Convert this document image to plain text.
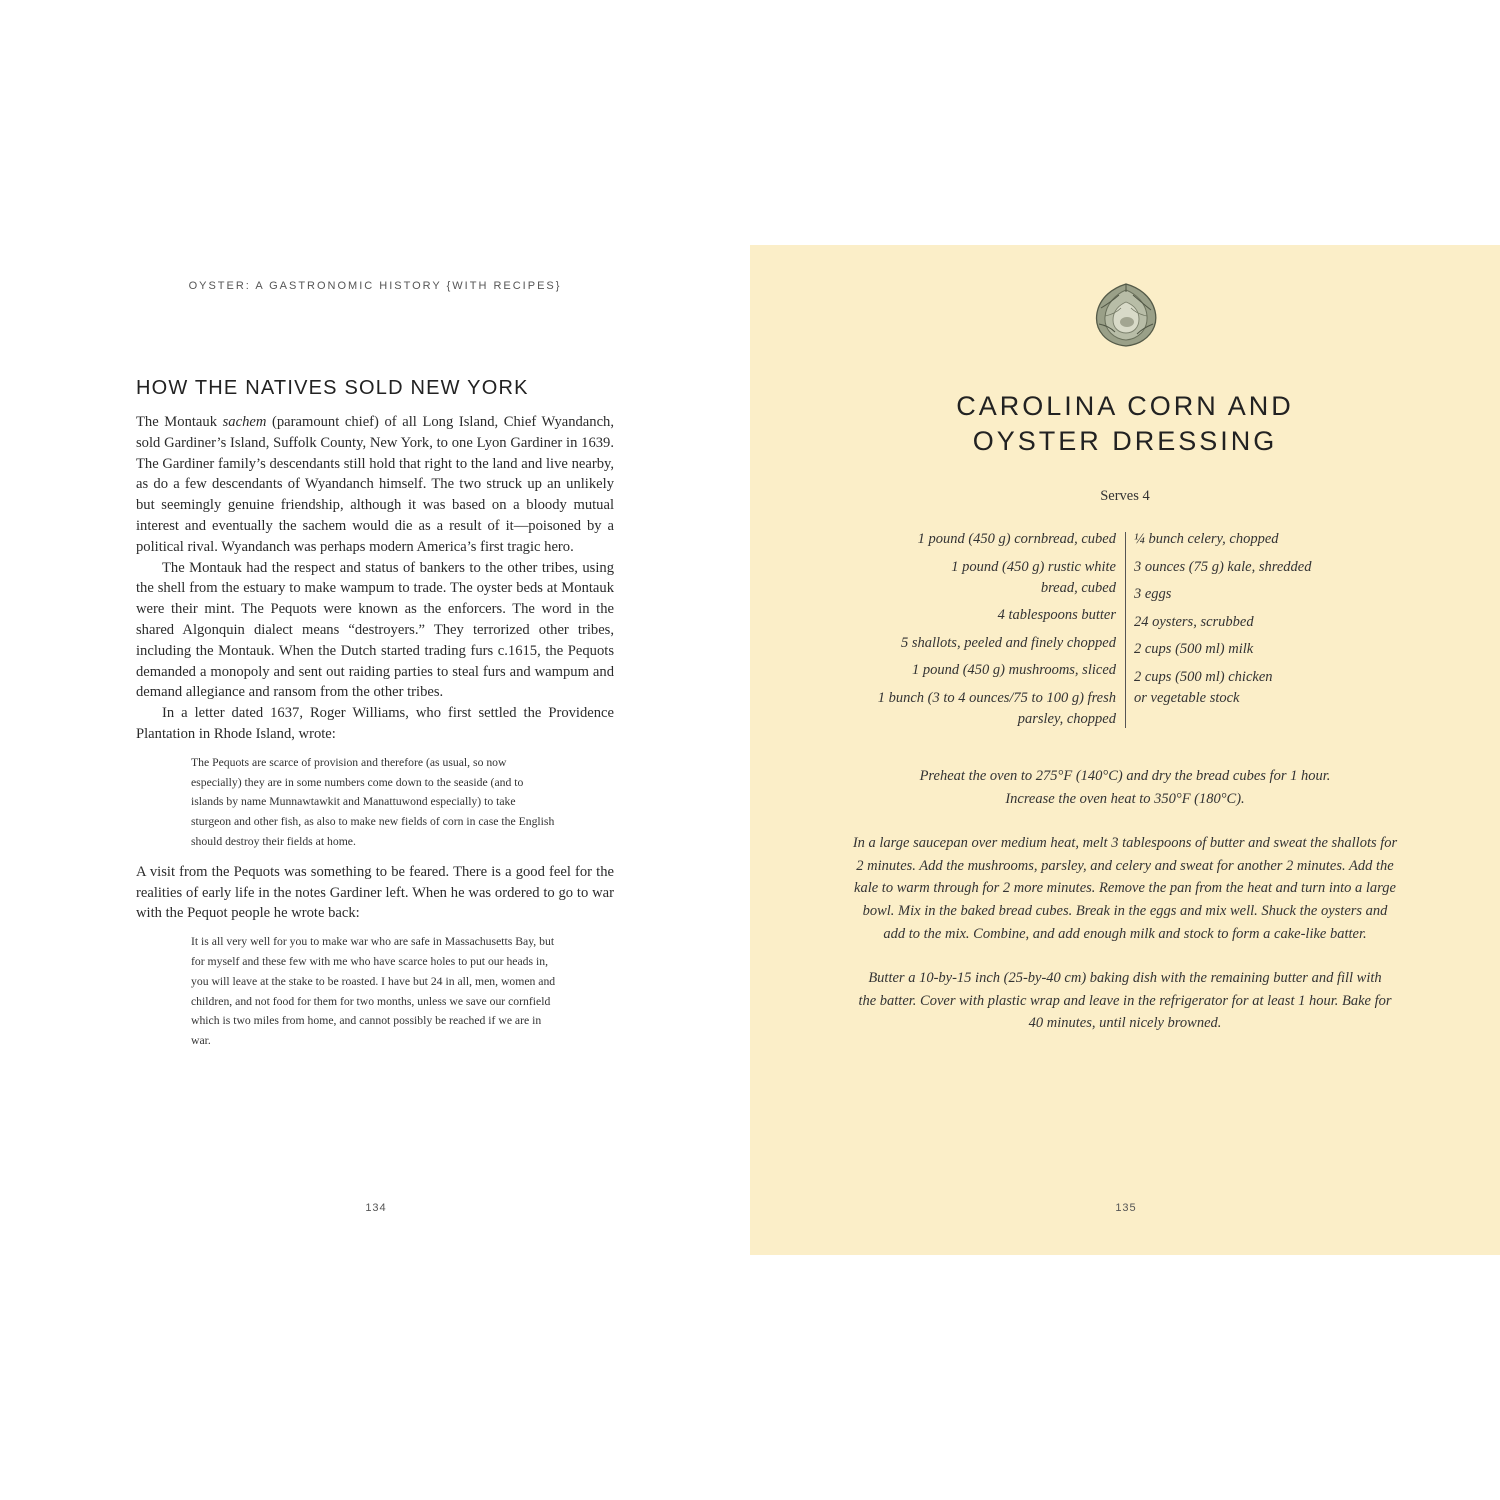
OYSTER: A GASTRONOMIC HISTORY {WITH RECIPES}
HOW THE NATIVES SOLD NEW YORK

The Montauk sachem (paramount chief) of all Long Island, Chief Wyandanch, sold Gardiner’s Island, Suffolk County, New York, to one Lyon Gardiner in 1639. The Gardiner family’s descendants still hold that right to the land and live nearby, as do a few descendants of Wyandanch himself. The two struck up an unlikely but seemingly genuine friendship, although it was based on a bloody mutual interest and eventually the sachem would die as a result of it—poisoned by a political rival. Wyandanch was perhaps modern America’s first tragic hero.

The Montauk had the respect and status of bankers to the other tribes, using the shell from the estuary to make wampum to trade. The oyster beds at Montauk were their mint. The Pequots were known as the enforcers. The word in the shared Algonquin dialect means “destroyers.” They terrorized other tribes, including the Montauk. When the Dutch started trading furs c.1615, the Pequots demanded a monopoly and sent out raiding parties to steal furs and wampum and demand allegiance and ransom from the other tribes.

In a letter dated 1637, Roger Williams, who first settled the Providence Plantation in Rhode Island, wrote:

The Pequots are scarce of provision and therefore (as usual, so now especially) they are in some numbers come down to the seaside (and to islands by name Munnawtawkit and Manattuwond especially) to take sturgeon and other fish, as also to make new fields of corn in case the English should destroy their fields at home.

A visit from the Pequots was something to be feared. There is a good feel for the realities of early life in the notes Gardiner left. When he was ordered to go to war with the Pequot people he wrote back:

It is all very well for you to make war who are safe in Massachusetts Bay, but for myself and these few with me who have scarce holes to put our heads in, you will leave at the stake to be roasted. I have but 24 in all, men, women and children, and not food for them for two months, unless we save our cornfield which is two miles from home, and cannot possibly be reached if we are in war.
134
CAROLINA CORN AND
OYSTER DRESSING
Serves 4
1 pound (450 g) cornbread, cubed
1 pound (450 g) rustic white bread, cubed
4 tablespoons butter
5 shallots, peeled and finely chopped
1 pound (450 g) mushrooms, sliced
1 bunch (3 to 4 ounces/75 to 100 g) fresh parsley, chopped
¼ bunch celery, chopped
3 ounces (75 g) kale, shredded
3 eggs
24 oysters, scrubbed
2 cups (500 ml) milk
2 cups (500 ml) chicken or vegetable stock

Preheat the oven to 275°F (140°C) and dry the bread cubes for 1 hour. Increase the oven heat to 350°F (180°C).

In a large saucepan over medium heat, melt 3 tablespoons of butter and sweat the shallots for 2 minutes. Add the mushrooms, parsley, and celery and sweat for another 2 minutes. Add the kale to warm through for 2 more minutes. Remove the pan from the heat and turn into a large bowl. Mix in the baked bread cubes. Break in the eggs and mix well. Shuck the oysters and add to the mix. Combine, and add enough milk and stock to form a cake-like batter.

Butter a 10-by-15 inch (25-by-40 cm) baking dish with the remaining butter and fill with the batter. Cover with plastic wrap and leave in the refrigerator for at least 1 hour. Bake for 40 minutes, until nicely browned.

135
